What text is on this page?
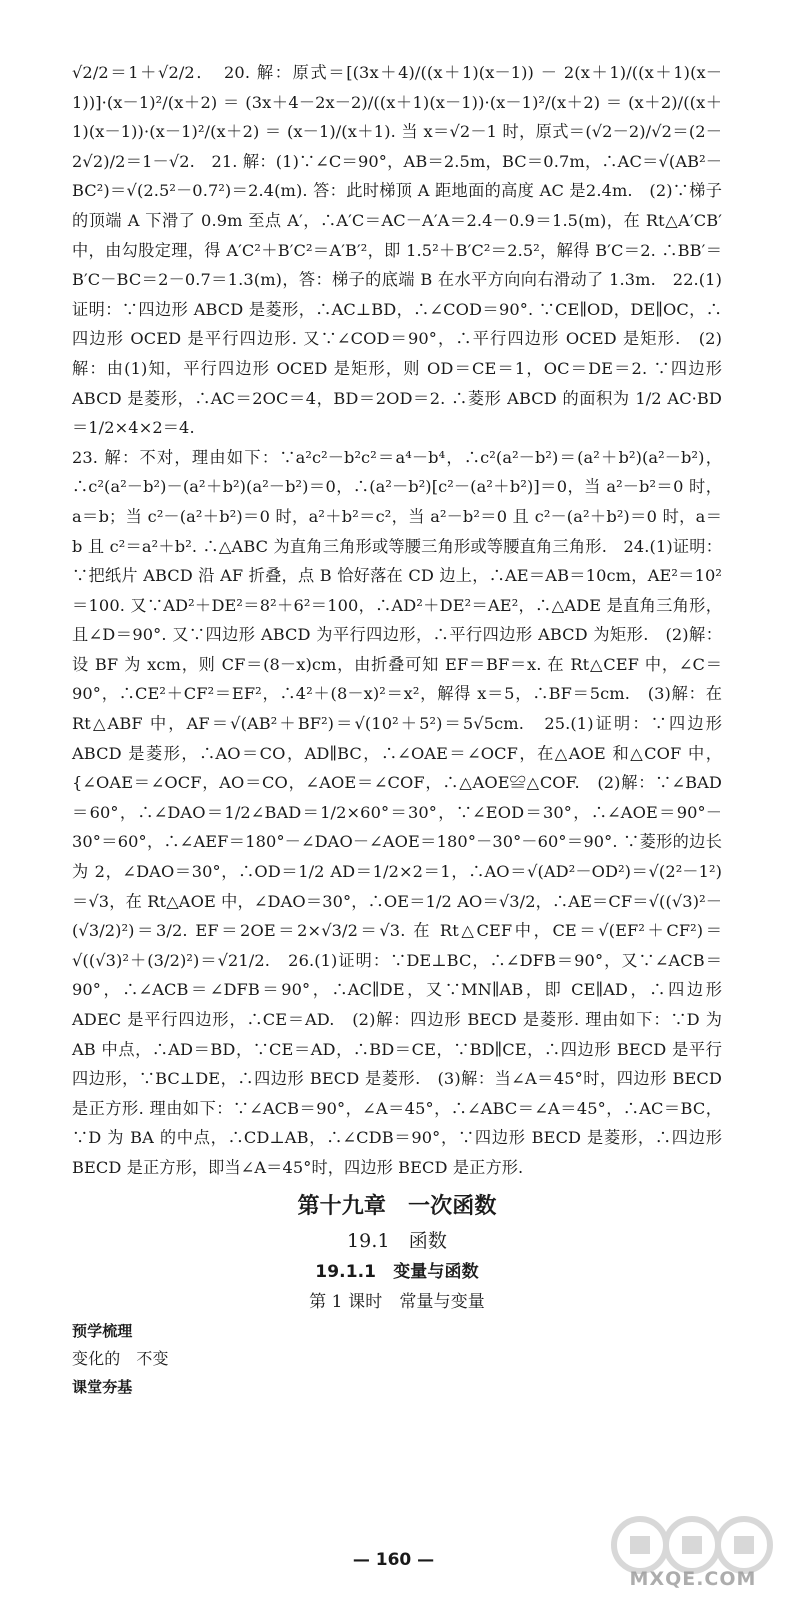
√2/2＝1＋√2/2．　20. 解：原式＝[(3x＋4)/((x＋1)(x－1)) － 2(x＋1)/((x＋1)(x－1))]·(x－1)²/(x＋2) ＝ (3x＋4－2x－2)/((x＋1)(x－1))·(x－1)²/(x＋2) ＝ (x＋2)/((x＋1)(x－1))·(x－1)²/(x＋2) ＝ (x－1)/(x＋1). 当 x＝√2－1 时，原式＝(√2－2)/√2＝(2－2√2)/2＝1－√2.　21. 解：(1)∵∠C＝90°，AB＝2.5m，BC＝0.7m，∴AC＝√(AB²－BC²)＝√(2.5²－0.7²)＝2.4(m). 答：此时梯顶 A 距地面的高度 AC 是2.4m.　(2)∵梯子的顶端 A 下滑了 0.9m 至点 A′，∴A′C＝AC－A′A＝2.4－0.9＝1.5(m)，在 Rt△A′CB′中，由勾股定理，得 A′C²＋B′C²＝A′B′²，即 1.5²＋B′C²＝2.5²，解得 B′C＝2. ∴BB′＝B′C－BC＝2－0.7＝1.3(m)，答：梯子的底端 B 在水平方向向右滑动了 1.3m.　22.(1)证明：∵四边形 ABCD 是菱形，∴AC⊥BD，∴∠COD＝90°. ∵CE∥OD，DE∥OC，∴四边形 OCED 是平行四边形. 又∵∠COD＝90°，∴平行四边形 OCED 是矩形.　(2)解：由(1)知，平行四边形 OCED 是矩形，则 OD＝CE＝1，OC＝DE＝2. ∵四边形 ABCD 是菱形，∴AC＝2OC＝4，BD＝2OD＝2. ∴菱形 ABCD 的面积为 1/2 AC·BD＝1/2×4×2＝4.

23. 解：不对，理由如下：∵a²c²－b²c²＝a⁴－b⁴，∴c²(a²－b²)＝(a²＋b²)(a²－b²)，∴c²(a²－b²)－(a²＋b²)(a²－b²)＝0，∴(a²－b²)[c²－(a²＋b²)]＝0，当 a²－b²＝0 时，a＝b；当 c²－(a²＋b²)＝0 时，a²＋b²＝c²，当 a²－b²＝0 且 c²－(a²＋b²)＝0 时，a＝b 且 c²＝a²＋b². ∴△ABC 为直角三角形或等腰三角形或等腰直角三角形.　24.(1)证明：∵把纸片 ABCD 沿 AF 折叠，点 B 恰好落在 CD 边上，∴AE＝AB＝10cm，AE²＝10²＝100. 又∵AD²＋DE²＝8²＋6²＝100，∴AD²＋DE²＝AE²，∴△ADE 是直角三角形，且∠D＝90°. 又∵四边形 ABCD 为平行四边形，∴平行四边形 ABCD 为矩形.　(2)解：设 BF 为 xcm，则 CF＝(8－x)cm，由折叠可知 EF＝BF＝x. 在 Rt△CEF 中，∠C＝90°，∴CE²＋CF²＝EF²，∴4²＋(8－x)²＝x²，解得 x＝5，∴BF＝5cm.　(3)解：在 Rt△ABF 中，AF＝√(AB²＋BF²)＝√(10²＋5²)＝5√5cm.　25.(1)证明：∵四边形 ABCD 是菱形，∴AO＝CO，AD∥BC，∴∠OAE＝∠OCF，在△AOE 和△COF 中，{∠OAE＝∠OCF，AO＝CO，∠AOE＝∠COF，∴△AOE≌△COF.　(2)解：∵∠BAD＝60°，∴∠DAO＝1/2∠BAD＝1/2×60°＝30°，∵∠EOD＝30°，∴∠AOE＝90°－30°＝60°，∴∠AEF＝180°－∠DAO－∠AOE＝180°－30°－60°＝90°. ∵菱形的边长为 2，∠DAO＝30°，∴OD＝1/2 AD＝1/2×2＝1，∴AO＝√(AD²－OD²)＝√(2²－1²)＝√3，在 Rt△AOE 中，∠DAO＝30°，∴OE＝1/2 AO＝√3/2，∴AE＝CF＝√((√3)²－(√3/2)²)＝3/2. EF＝2OE＝2×√3/2＝√3. 在 Rt△CEF中，CE＝√(EF²＋CF²)＝√((√3)²＋(3/2)²)＝√21/2.　26.(1)证明：∵DE⊥BC，∴∠DFB＝90°，又∵∠ACB＝90°，∴∠ACB＝∠DFB＝90°，∴AC∥DE，又∵MN∥AB，即 CE∥AD，∴四边形 ADEC 是平行四边形，∴CE＝AD.　(2)解：四边形 BECD 是菱形. 理由如下：∵D 为 AB 中点，∴AD＝BD，∵CE＝AD，∴BD＝CE，∵BD∥CE，∴四边形 BECD 是平行四边形，∵BC⊥DE，∴四边形 BECD 是菱形.　(3)解：当∠A＝45°时，四边形 BECD 是正方形. 理由如下：∵∠ACB＝90°，∠A＝45°，∴∠ABC＝∠A＝45°，∴AC＝BC，∵D 为 BA 的中点，∴CD⊥AB，∴∠CDB＝90°，∵四边形 BECD 是菱形，∴四边形 BECD 是正方形，即当∠A＝45°时，四边形 BECD 是正方形.

第十九章　一次函数
19.1　函数
19.1.1　变量与函数
第 1 课时　常量与变量
预学梳理
变化的　不变
课堂夯基
— 160 —
MXQE.COM
